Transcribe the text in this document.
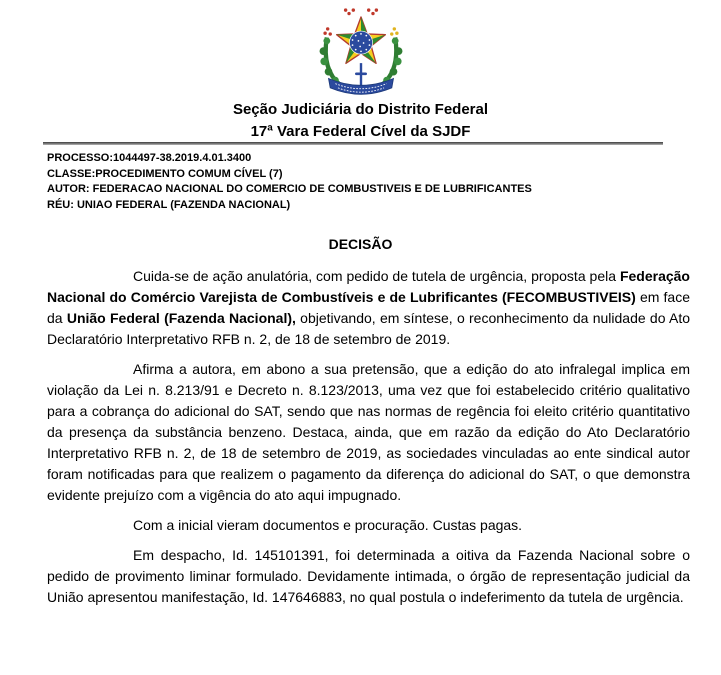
Seção Judiciária do Distrito Federal
17ª Vara Federal Cível da SJDF
PROCESSO:1044497-38.2019.4.01.3400
CLASSE:PROCEDIMENTO COMUM CÍVEL (7)
AUTOR: FEDERACAO NACIONAL DO COMERCIO DE COMBUSTIVEIS E DE LUBRIFICANTES
RÉU: UNIAO FEDERAL (FAZENDA NACIONAL)
DECISÃO

Cuida-se de ação anulatória, com pedido de tutela de urgência, proposta pela Federação Nacional do Comércio Varejista de Combustíveis e de Lubrificantes (FECOMBUSTIVEIS) em face da União Federal (Fazenda Nacional), objetivando, em síntese, o reconhecimento da nulidade do Ato Declaratório Interpretativo RFB n. 2, de 18 de setembro de 2019.

Afirma a autora, em abono a sua pretensão, que a edição do ato infralegal implica em violação da Lei n. 8.213/91 e Decreto n. 8.123/2013, uma vez que foi estabelecido critério qualitativo para a cobrança do adicional do SAT, sendo que nas normas de regência foi eleito critério quantitativo da presença da substância benzeno. Destaca, ainda, que em razão da edição do Ato Declaratório Interpretativo RFB n. 2, de 18 de setembro de 2019, as sociedades vinculadas ao ente sindical autor foram notificadas para que realizem o pagamento da diferença do adicional do SAT, o que demonstra evidente prejuízo com a vigência do ato aqui impugnado.

Com a inicial vieram documentos e procuração. Custas pagas.

Em despacho, Id. 145101391, foi determinada a oitiva da Fazenda Nacional sobre o pedido de provimento liminar formulado. Devidamente intimada, o órgão de representação judicial da União apresentou manifestação, Id. 147646883, no qual postula o indeferimento da tutela de urgência.
